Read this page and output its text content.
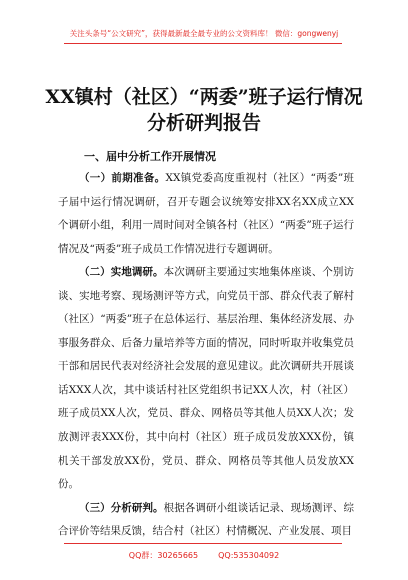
关注头条号“公文研究”，获得最新最全最专业的公文资料库！ 微信：gongwenyj
XX镇村（社区）“两委”班子运行情况
分析研判报告
一、届中分析工作开展情况

（一）前期准备。XX镇党委高度重视村（社区）“两委”班子届中运行情况调研，召开专题会议统筹安排XX名XX成立XX个调研小组，利用一周时间对全镇各村（社区）“两委”班子运行情况及“两委”班子成员工作情况进行专题调研。

（二）实地调研。本次调研主要通过实地集体座谈、个别访谈、实地考察、现场测评等方式，向党员干部、群众代表了解村（社区）“两委”班子在总体运行、基层治理、集体经济发展、办事服务群众、后备力量培养等方面的情况，同时听取并收集党员干部和居民代表对经济社会发展的意见建议。此次调研共开展谈话XXX人次，其中谈话村社区党组织书记XX人次，村（社区）班子成员XX人次，党员、群众、网格员等其他人员XX人次；发放测评表XXX份，其中向村（社区）班子成员发放XXX份，镇机关干部发放XX份，党员、群众、网格员等其他人员发放XX份。

（三）分析研判。根据各调研小组谈话记录、现场测评、综合评价等结果反馈，结合村（社区）村情概况、产业发展、项目

QQ群：30265665	QQ:535304092
